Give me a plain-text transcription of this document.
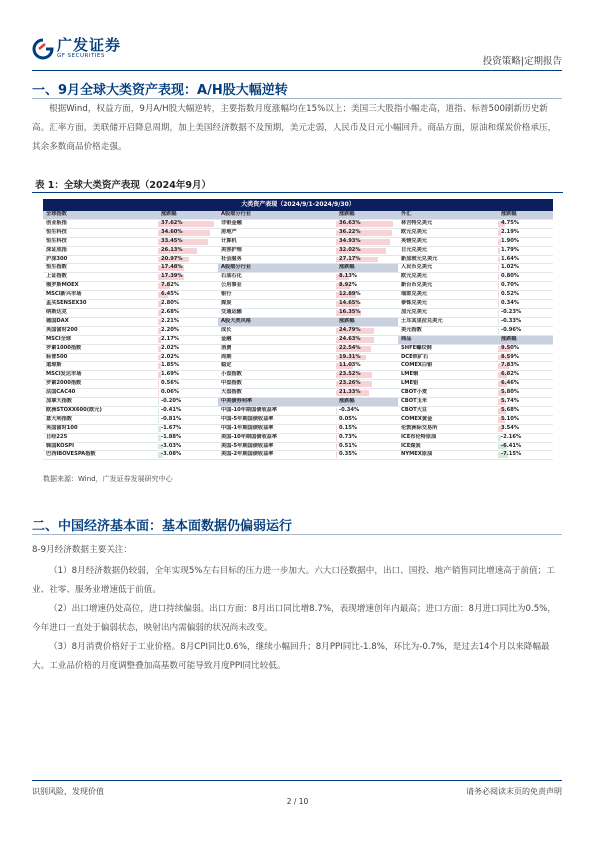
广发证券
GF SECURITIES	投资策略|定期报告
一、9月全球大类资产表现：A/H股大幅逆转
根据Wind，权益方面，9月A/H股大幅逆转，主要指数月度涨幅均在15%以上；美国三大股指小幅走高，道指、标普500刷新历史新高。汇率方面，美联储开启降息周期，加上美国经济数据不及预期，美元走弱，人民币及日元小幅回升。商品方面，原油和煤炭价格承压，其余多数商品价格走强。
表 1：全球大类资产表现（2024年9月）
大类资产表现（2024/9/1-2024/9/30）
全球指数	涨跌幅	A股细分行业	涨跌幅	外汇	涨跌幅
创业板指	37.62%	非银金融	36.63%	林吉特兑美元	4.75%
恒生科技	34.60%	房地产	36.22%	欧元兑美元	2.19%
恒生科技	33.45%	计算机	34.93%	英镑兑美元	1.90%
深证成指	26.13%	美容护理	32.02%	日元兑美元	1.79%
沪深300	20.97%	社会服务	27.17%	新加坡元兑美元	1.64%
恒生指数	17.48%	A股细分行业	涨跌幅	人民币兑美元	1.02%
上证指数	17.39%	石油石化	8.13%	欧元兑美元	0.80%
俄罗斯MOEX	7.82%	公用事业	8.92%	新台币兑美元	0.70%
MSCI新兴市场	6.45%	银行	12.89%	瑞郎兑美元	0.52%
孟买SENSEX30	2.80%	煤炭	14.65%	泰铢兑美元	0.34%
纳斯达克	2.68%	交通运输	16.35%	加元兑美元	-0.23%
德国DAX	2.21%	A股大类风格	涨跌幅	土耳其里拉兑美元	-0.33%
英国富时200	2.20%	成长	24.79%	美元指数	-0.96%
MSCI全球	2.17%	金融	24.63%	商品	涨跌幅
罗素1000指数	2.02%	消费	22.54%	SHFE螺纹钢	9.50%
标普500	2.02%	周期	19.31%	DCE铁矿石	8.59%
道琼斯	1.85%	稳定	11.03%	COMEX白银	7.83%
MSCI发达市场	1.69%	小盘指数	23.52%	LME铜	6.82%
罗素2000指数	0.56%	中盘指数	23.26%	LME铝	6.46%
法国CAC40	0.06%	大盘指数	21.33%	CBOT小麦	5.80%
加拿大指数	-0.20%	中美债券利率	涨跌幅	CBOT玉米	5.74%
欧洲STOXX600(欧元)	-0.41%	中国-10年期国债收益率	-0.34%	CBOT大豆	5.68%
意大利指数	-0.81%	中国-5年期国债收益率	0.05%	COMEX黄金	5.10%
英国富时100	-1.67%	中国-1年期国债收益率	0.15%	伦敦洲际交易所	3.54%
日经225	-1.88%	美国-10年期国债收益率	0.73%	ICE布伦特原油	-2.16%
韩国KOSPI	-3.03%	美国-5年期国债收益率	0.51%	ICE煤炭	-6.41%
巴西IBOVESPA指数	-3.08%	美国-2年期国债收益率	0.35%	NYMEX原油	-7.15%
数据来源：Wind，广发证券发展研究中心
二、中国经济基本面：基本面数据仍偏弱运行
8-9月经济数据主要关注：
（1）8月经济数据仍较弱，全年实现5%左右目标的压力进一步加大。六大口径数据中，出口、国投、地产销售同比增速高于前值；工业、社零、服务业增速低于前值。
（2）出口增速仍处高位，进口持续偏弱。出口方面：8月出口同比增8.7%，表现增速创年内最高；进口方面：8月进口同比为0.5%，今年进口一直处于偏弱状态，映射出内需偏弱的状况尚未改变。
（3）8月消费价格好于工业价格。8月CPI同比0.6%，继续小幅回升；8月PPI同比-1.8%，环比为-0.7%，是过去14个月以来降幅最大。工业品价格的月度调整叠加高基数可能导致月度PPI同比较低。
识别风险，发现价值	请务必阅读末页的免责声明
2 / 10
